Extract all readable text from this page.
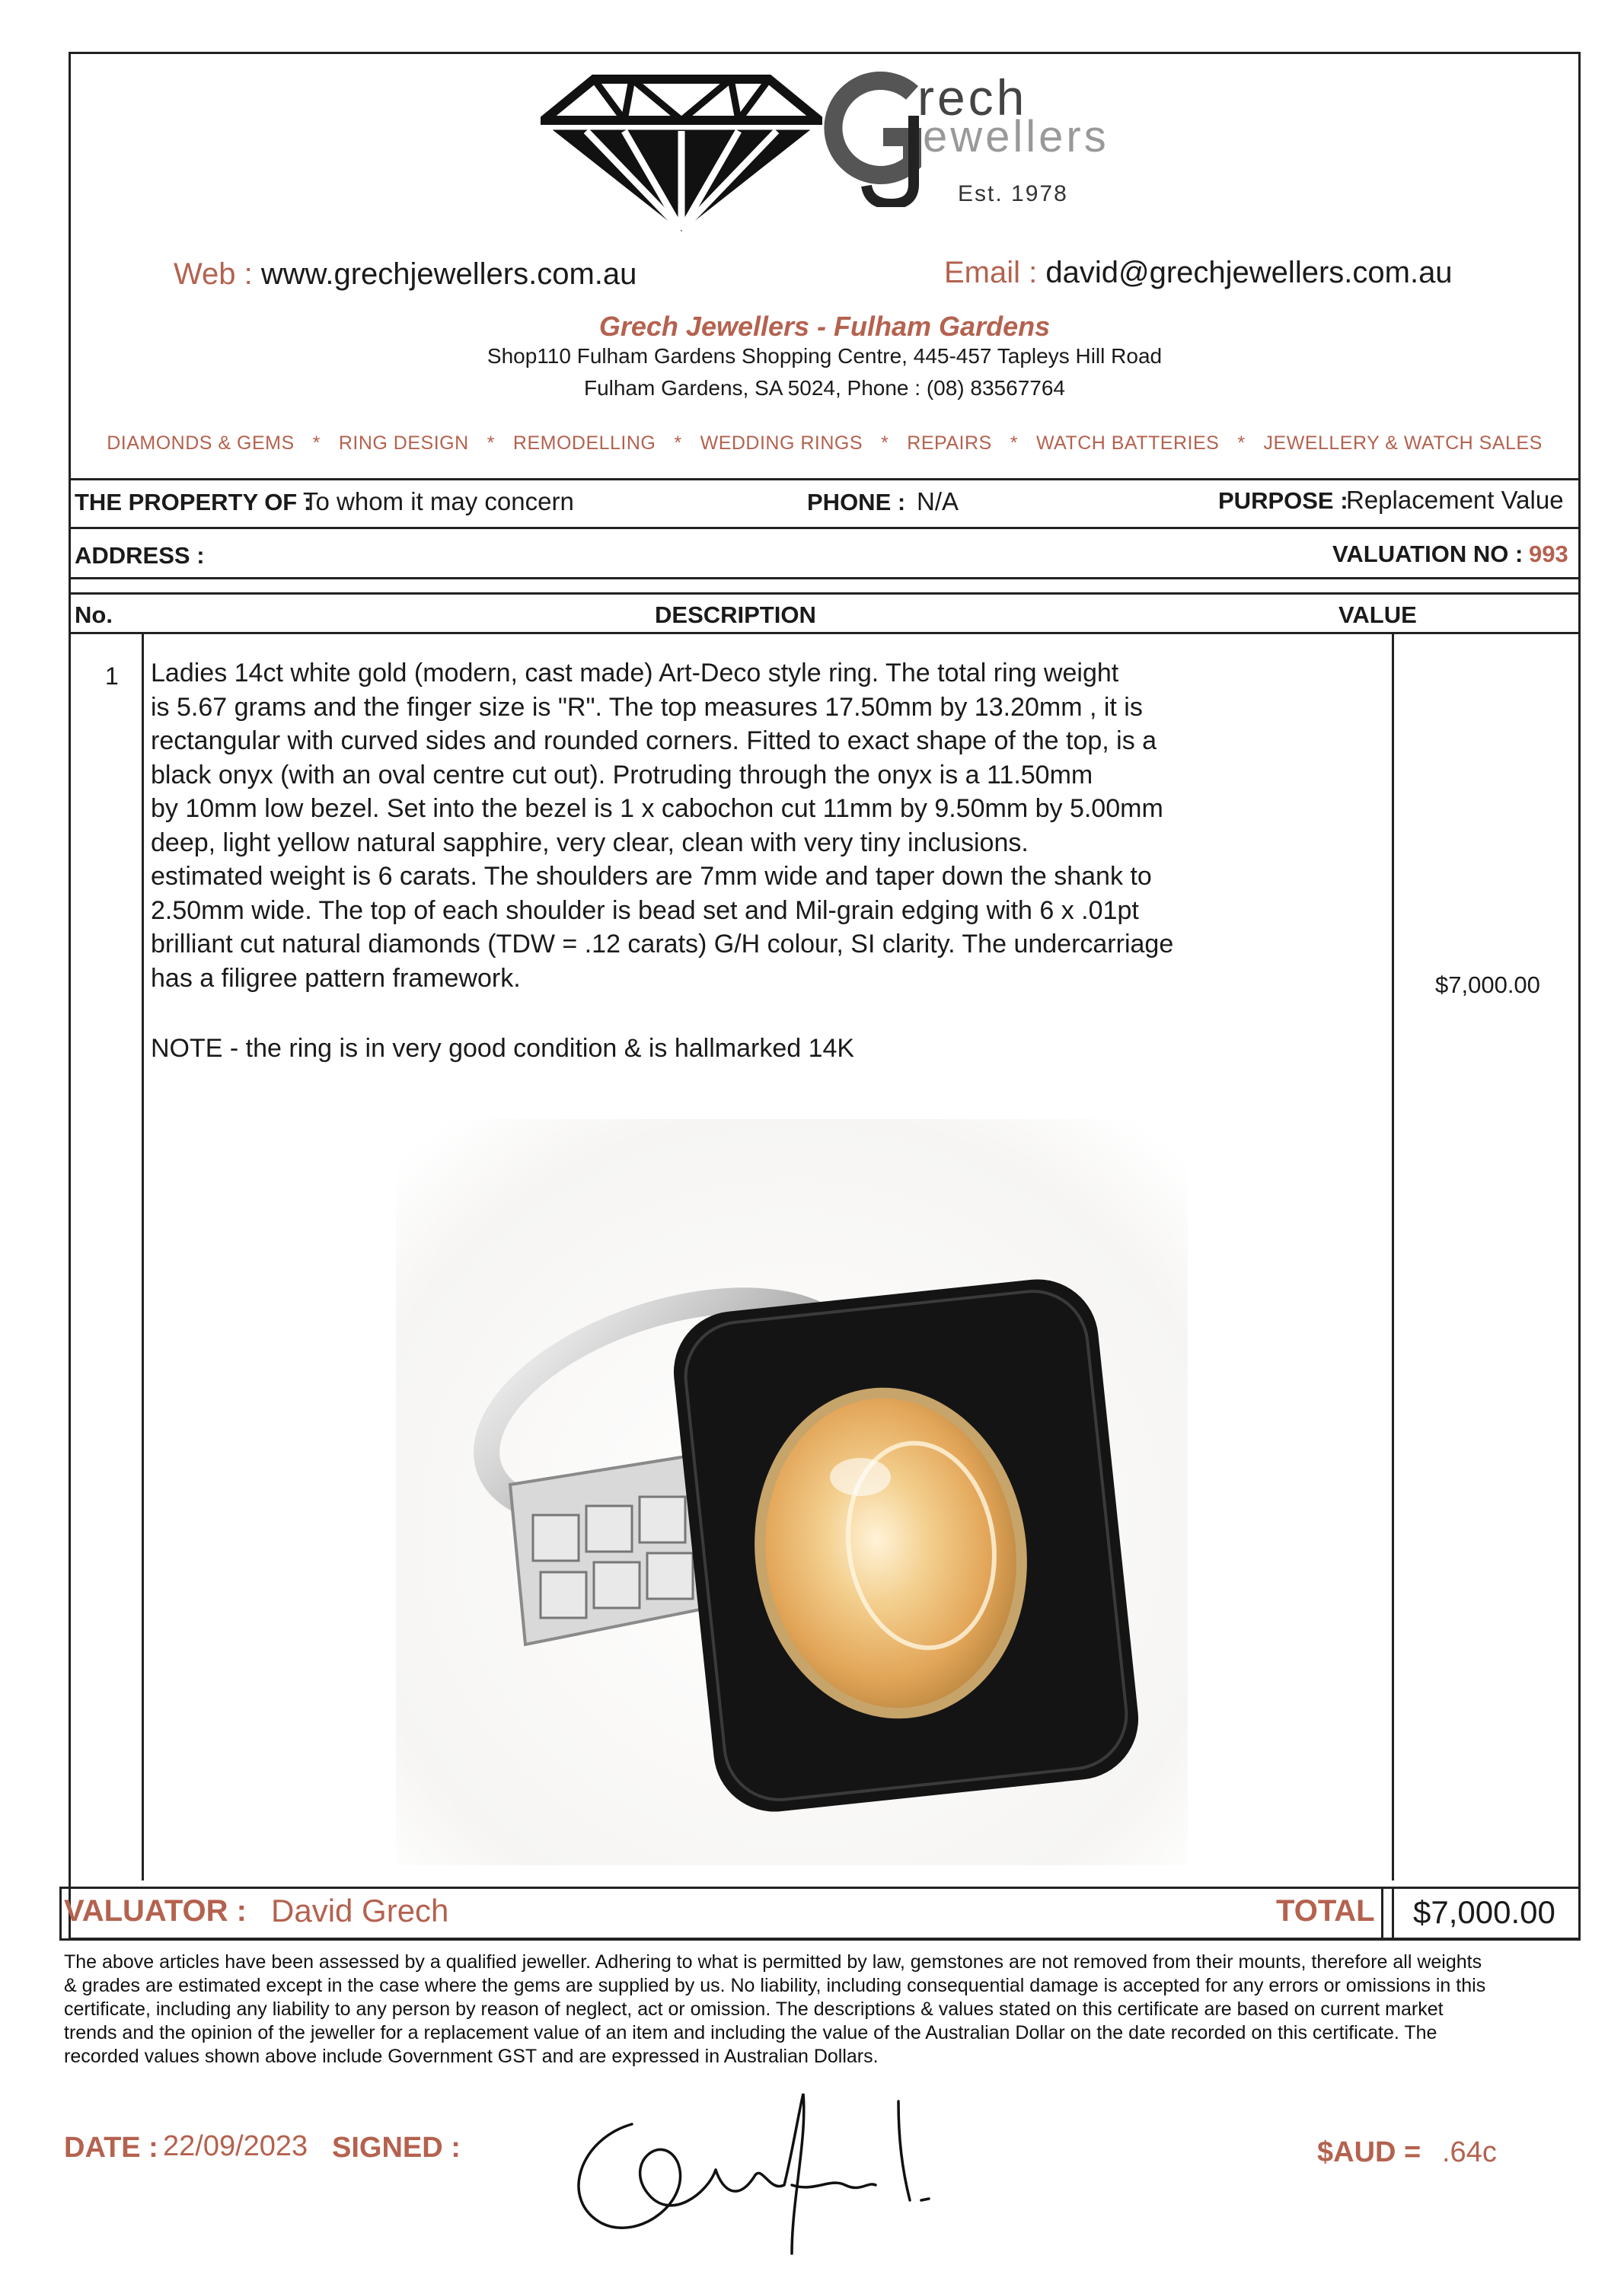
rech
ewellers
Est. 1978
Web : www.grechjewellers.com.au	Email : david@grechjewellers.com.au
Grech Jewellers - Fulham Gardens
Shop110 Fulham Gardens Shopping Centre, 445-457 Tapleys Hill Road
Fulham Gardens, SA 5024, Phone : (08) 83567764
DIAMONDS & GEMS * RING DESIGN * REMODELLING * WEDDING RINGS * REPAIRS * WATCH BATTERIES * JEWELLERY & WATCH SALES
THE PROPERTY OF :
To whom it may concern	PHONE : N/A	PURPOSE :
Replacement Value
ADDRESS :	VALUATION NO : 993
No.	DESCRIPTION	VALUE
1 Ladies 14ct white gold (modern, cast made) Art-Deco style ring. The total ring weight

is 5.67 grams and the finger size is "R". The top measures 17.50mm by 13.20mm , it is

rectangular with curved sides and rounded corners. Fitted to exact shape of the top, is a

black onyx (with an oval centre cut out). Protruding through the onyx is a 11.50mm

by 10mm low bezel. Set into the bezel is 1 x cabochon cut 11mm by 9.50mm by 5.00mm

deep, light yellow natural sapphire, very clear, clean with very tiny inclusions.

estimated weight is 6 carats. The shoulders are 7mm wide and taper down the shank to

2.50mm wide. The top of each shoulder is bead set and Mil-grain edging with 6 x .01pt

brilliant cut natural diamonds (TDW = .12 carats) G/H colour, SI clarity. The undercarriage

has a filigree pattern framework.

NOTE - the ring is in very good condition & is hallmarked 14K
$7,000.00
VALUATOR : David Grech	TOTAL $7,000.00
The above articles have been assessed by a qualified jeweller. Adhering to what is permitted by law, gemstones are not removed from their mounts, therefore all weights & grades are estimated except in the case where the gems are supplied by us. No liability, including consequential damage is accepted for any errors or omissions in this certificate, including any liability to any person by reason of neglect, act or omission. The descriptions & values stated on this certificate are based on current market trends and the opinion of the jeweller for a replacement value of an item and including the value of the Australian Dollar on the date recorded on this certificate. The recorded values shown above include Government GST and are expressed in Australian Dollars.
DATE : 22/09/2023 SIGNED :	$AUD = .64c
